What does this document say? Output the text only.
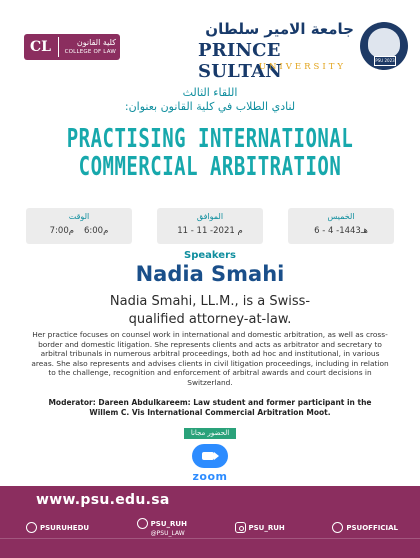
CL	كلية القانون
COLLEGE OF LAW
جامعة الامير سلطان
PRINCE SULTAN
UNIVERSITY
PSU 2023
اللقاء الثالث
لنادي الطلاب في كلية القانون بعنوان:
PRACTISING INTERNATIONAL
COMMERCIAL ARBITRATION
الوقت
7:00م 6:00م
الموافق
11 - 11 -2021 م
الخميس
6 - 4 -1443هـ
Speakers
Nadia Smahi
Nadia Smahi, LL.M., is a Swiss-
qualified attorney-at-law.
Her practice focuses on counsel work in international and domestic arbitration, as well as cross-border and domestic litigation. She represents clients and acts as arbitrator and secretary to arbitral tribunals in numerous arbitral proceedings, both ad hoc and institutional, in various areas. She also represents and advises clients in civil litigation proceedings, including in relation to the challenge, recognition and enforcement of arbitral awards and court decisions in Switzerland.
Moderator: Dareen Abdulkareem: Law student and former participant in the Willem C. Vis International Commercial Arbitration Moot.
الحضور مجانا
zoom
www.psu.edu.sa
PSURUHEDU	PSU_RUH
@PSU_LAW
PSU_RUH	PSUOFFICIAL
